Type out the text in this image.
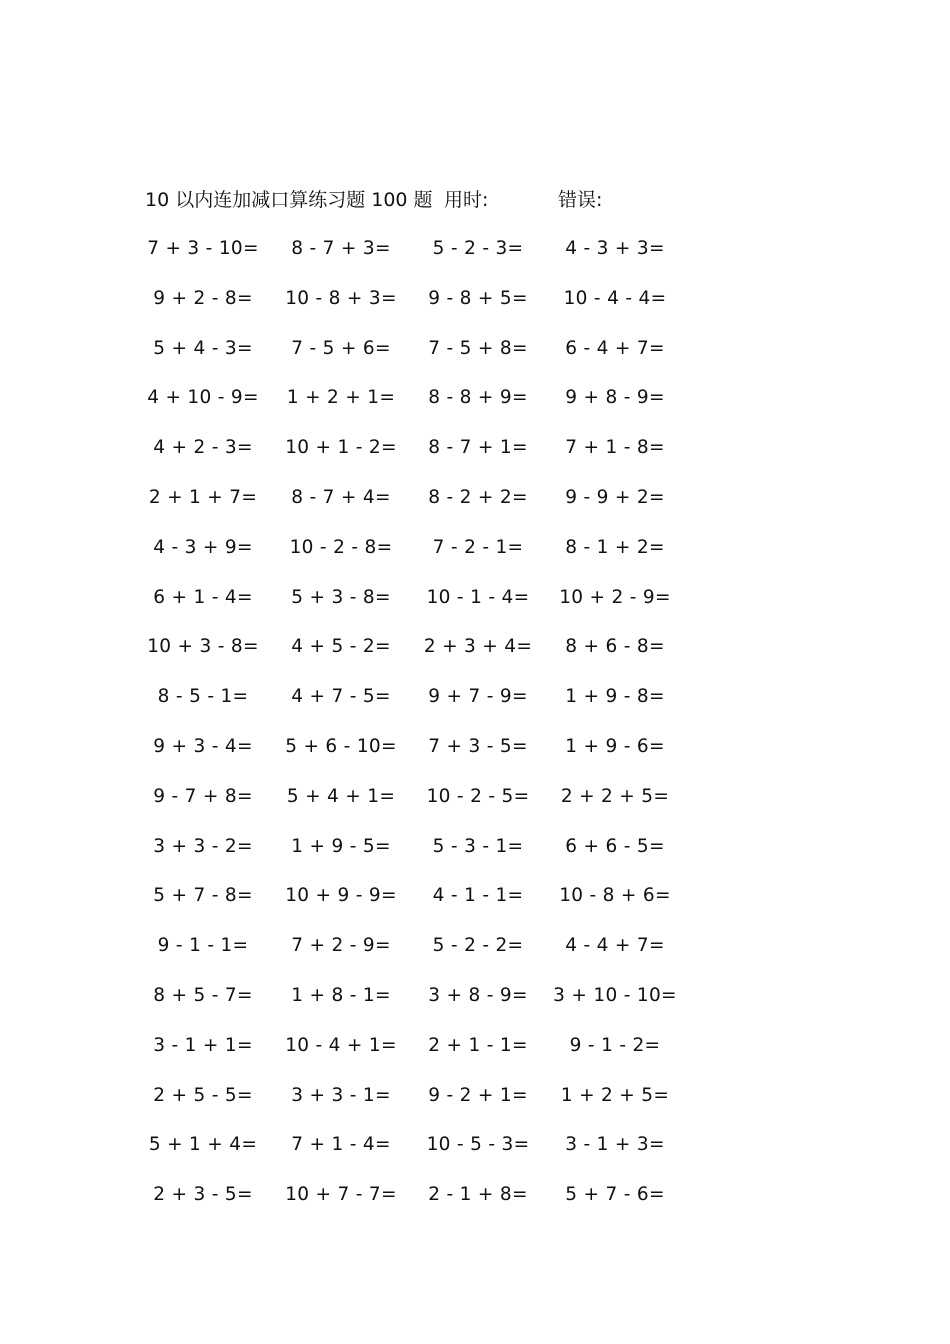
10 以内连加减口算练习题 100 题 用时:	错误:
7 + 3 - 10=	8 - 7 + 3=	5 - 2 - 3=	4 - 3 + 3=
9 + 2 - 8=	10 - 8 + 3=	9 - 8 + 5=	10 - 4 - 4=
5 + 4 - 3=	7 - 5 + 6=	7 - 5 + 8=	6 - 4 + 7=
4 + 10 - 9=	1 + 2 + 1=	8 - 8 + 9=	9 + 8 - 9=
4 + 2 - 3=	10 + 1 - 2=	8 - 7 + 1=	7 + 1 - 8=
2 + 1 + 7=	8 - 7 + 4=	8 - 2 + 2=	9 - 9 + 2=
4 - 3 + 9=	10 - 2 - 8=	7 - 2 - 1=	8 - 1 + 2=
6 + 1 - 4=	5 + 3 - 8=	10 - 1 - 4=	10 + 2 - 9=
10 + 3 - 8=	4 + 5 - 2=	2 + 3 + 4=	8 + 6 - 8=
8 - 5 - 1=	4 + 7 - 5=	9 + 7 - 9=	1 + 9 - 8=
9 + 3 - 4=	5 + 6 - 10=	7 + 3 - 5=	1 + 9 - 6=
9 - 7 + 8=	5 + 4 + 1=	10 - 2 - 5=	2 + 2 + 5=
3 + 3 - 2=	1 + 9 - 5=	5 - 3 - 1=	6 + 6 - 5=
5 + 7 - 8=	10 + 9 - 9=	4 - 1 - 1=	10 - 8 + 6=
9 - 1 - 1=	7 + 2 - 9=	5 - 2 - 2=	4 - 4 + 7=
8 + 5 - 7=	1 + 8 - 1=	3 + 8 - 9=	3 + 10 - 10=
3 - 1 + 1=	10 - 4 + 1=	2 + 1 - 1=	9 - 1 - 2=
2 + 5 - 5=	3 + 3 - 1=	9 - 2 + 1=	1 + 2 + 5=
5 + 1 + 4=	7 + 1 - 4=	10 - 5 - 3=	3 - 1 + 3=
2 + 3 - 5=	10 + 7 - 7=	2 - 1 + 8=	5 + 7 - 6=
